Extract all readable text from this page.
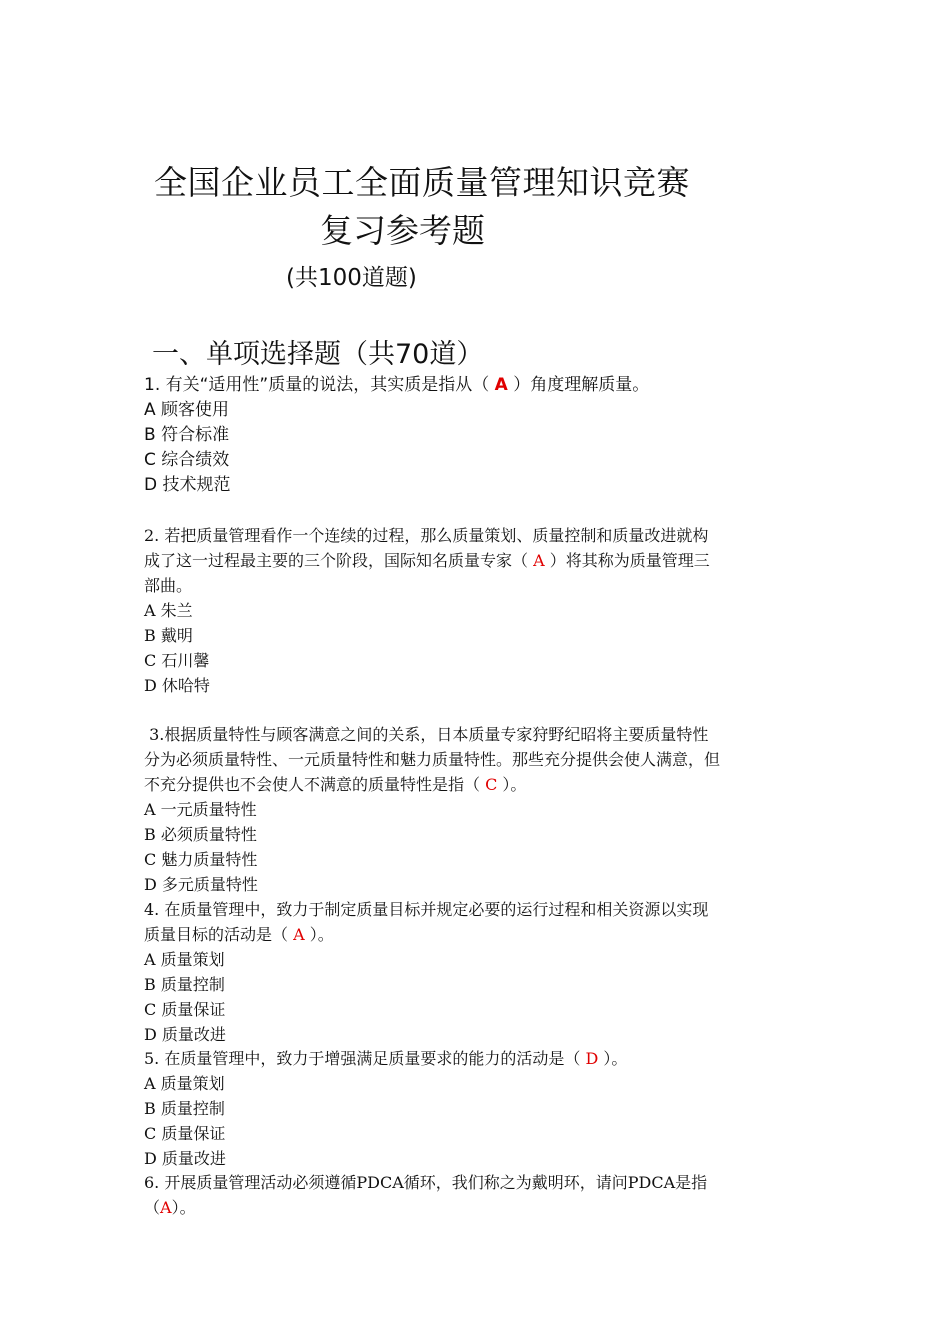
全国企业员工全面质量管理知识竞赛
复习参考题
(共100道题)
一、单项选择题（共70道）
1. 有关“适用性”质量的说法，其实质是指从（ A ）角度理解质量。
A 顾客使用
B 符合标准
C 综合绩效
D 技术规范
2. 若把质量管理看作一个连续的过程，那么质量策划、质量控制和质量改进就构
成了这一过程最主要的三个阶段，国际知名质量专家（ A ）将其称为质量管理三
部曲。
A 朱兰
B 戴明
C 石川馨
D 休哈特
3.根据质量特性与顾客满意之间的关系，日本质量专家狩野纪昭将主要质量特性
分为必须质量特性、一元质量特性和魅力质量特性。那些充分提供会使人满意，但
不充分提供也不会使人不满意的质量特性是指（ C ）。
A 一元质量特性
B 必须质量特性
C 魅力质量特性
D 多元质量特性
4. 在质量管理中，致力于制定质量目标并规定必要的运行过程和相关资源以实现
质量目标的活动是（ A ）。
A 质量策划
B 质量控制
C 质量保证
D 质量改进
5. 在质量管理中，致力于增强满足质量要求的能力的活动是（ D ）。
A 质量策划
B 质量控制
C 质量保证
D 质量改进
6. 开展质量管理活动必须遵循PDCA循环，我们称之为戴明环，请问PDCA是指
（A）。
